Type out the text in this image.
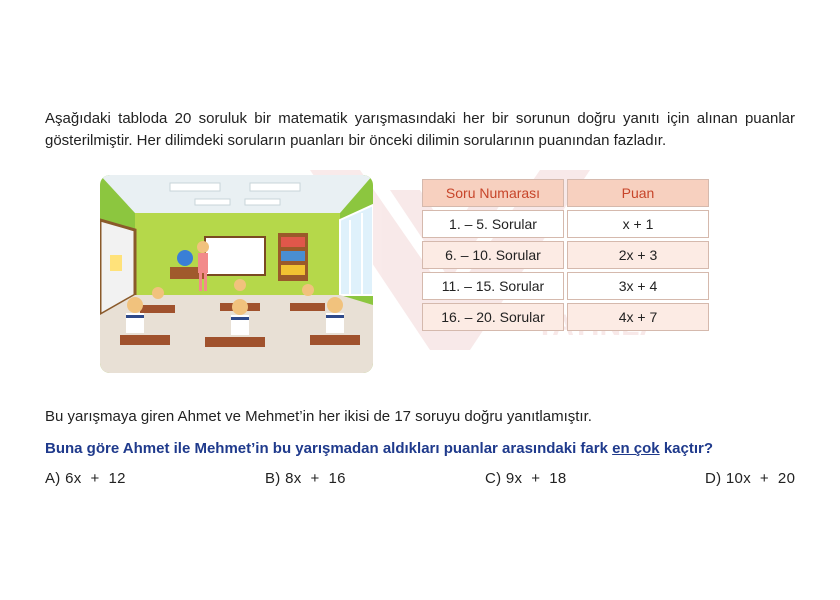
Aşağıdaki tabloda 20 soruluk bir matematik yarışmasındaki her bir sorunun doğru yanıtı için alınan puanlar
gösterilmiştir. Her dilimdeki soruların puanları bir önceki dilimin sorularının puanından fazladır.
Soru Numarası	Puan
1. – 5. Sorular	x + 1
6. – 10. Sorular	2x + 3
11. – 15. Sorular	3x + 4
16. – 20. Sorular	4x + 7
Bu yarışmaya giren Ahmet ve Mehmet’in her ikisi de 17 soruyu doğru yanıtlamıştır.
Buna göre Ahmet ile Mehmet’in bu yarışmadan aldıkları puanlar arasındaki fark en çok kaçtır?
A) 6x  +  12	B) 8x  +  16	C) 9x  +  18	D) 10x  +  20
